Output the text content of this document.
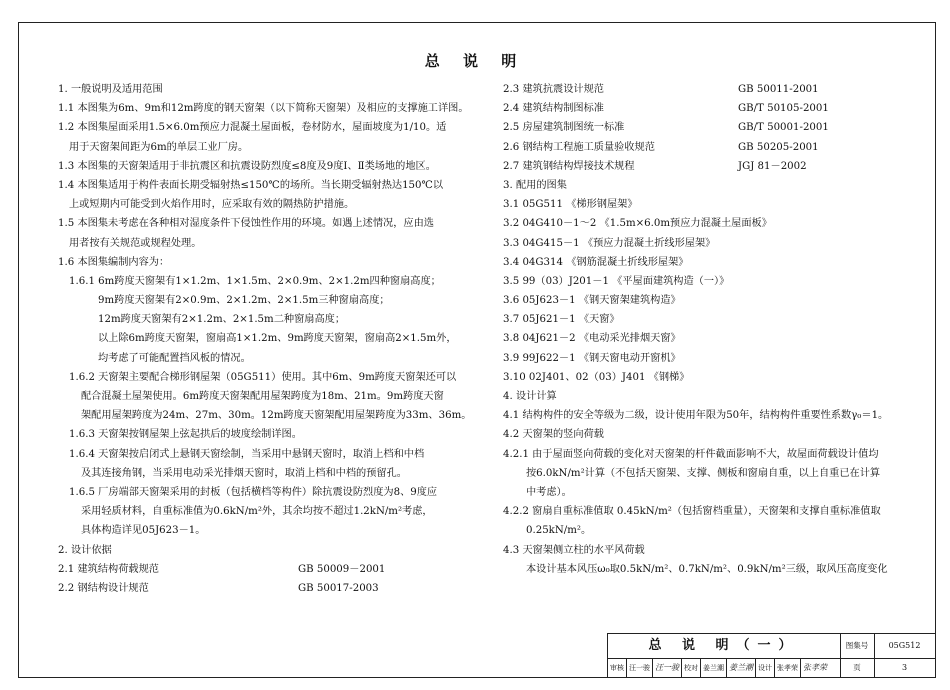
总 说 明
1. 一般说明及适用范围
1.1 本图集为6m、9m和12m跨度的钢天窗架（以下简称天窗架）及相应的支撑施工详图。
1.2 本图集屋面采用1.5×6.0m预应力混凝土屋面板，卷材防水，屋面坡度为1/10。适
用于天窗架间距为6m的单层工业厂房。
1.3 本图集的天窗架适用于非抗震区和抗震设防烈度≤8度及9度Ⅰ、Ⅱ类场地的地区。
1.4 本图集适用于构件表面长期受辐射热≤150℃的场所。当长期受辐射热达150℃以
上或短期内可能受到火焰作用时，应采取有效的隔热防护措施。
1.5 本图集未考虑在各种相对湿度条件下侵蚀性作用的环境。如遇上述情况，应由选
用者按有关规范或规程处理。
1.6 本图集编制内容为：
1.6.1 6m跨度天窗架有1×1.2m、1×1.5m、2×0.9m、2×1.2m四种窗扇高度；
9m跨度天窗架有2×0.9m、2×1.2m、2×1.5m三种窗扇高度；
12m跨度天窗架有2×1.2m、2×1.5m二种窗扇高度；
以上除6m跨度天窗架，窗扇高1×1.2m、9m跨度天窗架，窗扇高2×1.5m外，
均考虑了可能配置挡风板的情况。
1.6.2 天窗架主要配合梯形钢屋架（05G511）使用。其中6m、9m跨度天窗架还可以
配合混凝土屋架使用。6m跨度天窗架配用屋架跨度为18m、21m。9m跨度天窗
架配用屋架跨度为24m、27m、30m。12m跨度天窗架配用屋架跨度为33m、36m。
1.6.3 天窗架按钢屋架上弦起拱后的坡度绘制详图。
1.6.4 天窗架按启闭式上悬钢天窗绘制，当采用中悬钢天窗时，取消上档和中档
及其连接角钢，当采用电动采光排烟天窗时，取消上档和中档的预留孔。
1.6.5 厂房端部天窗架采用的封板（包括横档等构件）除抗震设防烈度为8、9度应
采用轻质材料，自重标准值为0.6kN/m²外，其余均按不超过1.2kN/m²考虑，
具体构造详见05J623－1。
2. 设计依据
2.1 建筑结构荷载规范	GB 50009－2001
2.2 钢结构设计规范	GB 50017-2003
2.3 建筑抗震设计规范	GB 50011-2001
2.4 建筑结构制图标准	GB/T 50105-2001
2.5 房屋建筑制图统一标准	GB/T 50001-2001
2.6 钢结构工程施工质量验收规范	GB 50205-2001
2.7 建筑钢结构焊接技术规程	JGJ 81－2002
3. 配用的图集
3.1 05G511 《梯形钢屋架》
3.2 04G410－1～2 《1.5m×6.0m预应力混凝土屋面板》
3.3 04G415－1 《预应力混凝土折线形屋架》
3.4 04G314 《钢筋混凝土折线形屋架》
3.5 99（03）J201－1 《平屋面建筑构造（一）》
3.6 05J623－1 《钢天窗架建筑构造》
3.7 05J621－1 《天窗》
3.8 04J621－2 《电动采光排烟天窗》
3.9 99J622－1 《钢天窗电动开窗机》
3.10 02J401、02（03）J401 《钢梯》
4. 设计计算
4.1 结构构件的安全等级为二级，设计使用年限为50年，结构构件重要性系数γ₀＝1。
4.2 天窗架的竖向荷载
4.2.1 由于屋面竖向荷载的变化对天窗架的杆件截面影响不大，故屋面荷载设计值均
按6.0kN/m²计算（不包括天窗架、支撑、侧板和窗扇自重，以上自重已在计算
中考虑）。
4.2.2 窗扇自重标准值取 0.45kN/m²（包括窗档重量），天窗架和支撑自重标准值取
0.25kN/m²。
4.3 天窗架侧立柱的水平风荷载
本设计基本风压ω₀取0.5kN/m²、0.7kN/m²、0.9kN/m²三级，取风压高度变化
总 说 明（一）	图集号	05G512
审核 汪一骏 汪一骏 校对 姜兰潮 姜兰潮 设计 张孝荣 张孝荣	页	3
